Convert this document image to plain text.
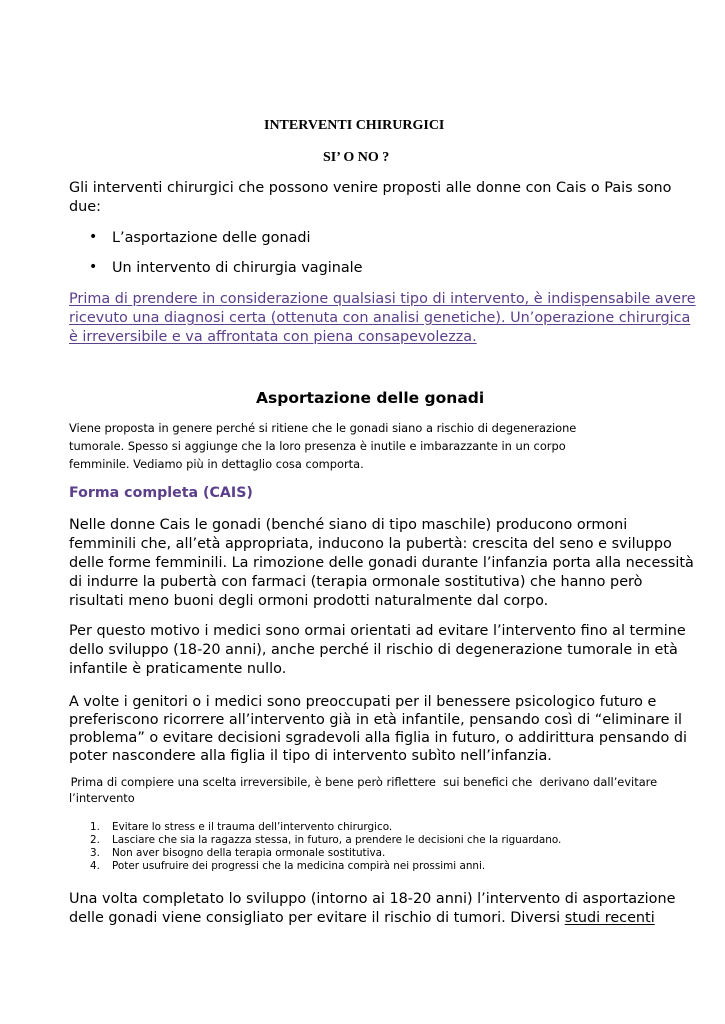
INTERVENTI CHIRURGICI
SI’ O NO ?
Gli interventi chirurgici che possono venire proposti alle donne con Cais o Pais sono
due:
• L’asportazione delle gonadi
• Un intervento di chirurgia vaginale
Prima di prendere in considerazione qualsiasi tipo di intervento, è indispensabile avere
ricevuto una diagnosi certa (ottenuta con analisi genetiche). Un’operazione chirurgica
è irreversibile e va affrontata con piena consapevolezza.
Asportazione delle gonadi
Viene proposta in genere perché si ritiene che le gonadi siano a rischio di degenerazione
tumorale. Spesso si aggiunge che la loro presenza è inutile e imbarazzante in un corpo
femminile. Vediamo più in dettaglio cosa comporta.
Forma completa (CAIS)
Nelle donne Cais le gonadi (benché siano di tipo maschile) producono ormoni
femminili che, all’età appropriata, inducono la pubertà: crescita del seno e sviluppo
delle forme femminili. La rimozione delle gonadi durante l’infanzia porta alla necessità
di indurre la pubertà con farmaci (terapia ormonale sostitutiva) che hanno però
risultati meno buoni degli ormoni prodotti naturalmente dal corpo.
Per questo motivo i medici sono ormai orientati ad evitare l’intervento fino al termine
dello sviluppo (18-20 anni), anche perché il rischio di degenerazione tumorale in età
infantile è praticamente nullo.
A volte i genitori o i medici sono preoccupati per il benessere psicologico futuro e
preferiscono ricorrere all’intervento già in età infantile, pensando così di “eliminare il
problema” o evitare decisioni sgradevoli alla figlia in futuro, o addirittura pensando di
poter nascondere alla figlia il tipo di intervento subìto nell’infanzia.
Prima di compiere una scelta irreversibile, è bene però riflettere  sui benefici che  derivano dall’evitare
l’intervento
1. Evitare lo stress e il trauma dell’intervento chirurgico.
2. Lasciare che sia la ragazza stessa, in futuro, a prendere le decisioni che la riguardano.
3. Non aver bisogno della terapia ormonale sostitutiva.
4. Poter usufruire dei progressi che la medicina compirà nei prossimi anni.
Una volta completato lo sviluppo (intorno ai 18-20 anni) l’intervento di asportazione
delle gonadi viene consigliato per evitare il rischio di tumori. Diversi studi recenti
